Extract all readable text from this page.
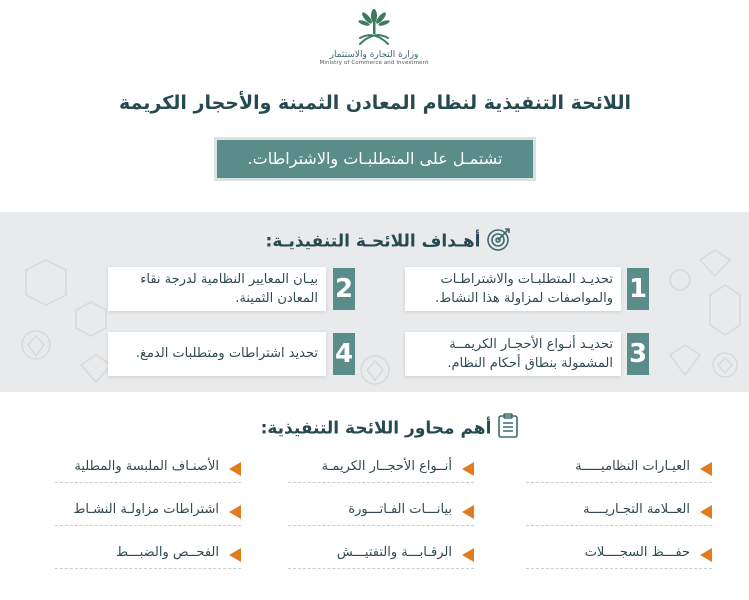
وزارة التجارة والاستثمار
Ministry of Commerce and Investment
اللائحة التنفيذية لنظام المعادن الثمينة والأحجار الكريمة
تشتمـل على المتطلبـات والاشتراطات.
أهـداف اللائحـة التنفيذيـة:
تحديـد المتطلبـات والاشتراطـات
والمواصفات لمزاولة هذا النشاط. 1
بيـان المعايير النظامية لدرجة نقاء
المعادن الثمينة. 2
تحديـد أنـواع الأحجـار الكريمــة
المشمولة بنطاق أحكام النظام. 3
تحديد اشتراطات ومتطلبات الدمغ. 4
أهم محاور اللائحة التنفيذية:
العيـارات النظاميـــــة
العــلامة التجـاريــــة
حفـــظ السجــــلات
أنــواع الأحجــار الكريمـة
بيانـــات الفـاتـــورة
الرقـابـــة والتفتيـــش
الأصنـاف الملبسة والمطلية
اشتراطات مزاولـة النشـاط
الفحــص والضبـــط
